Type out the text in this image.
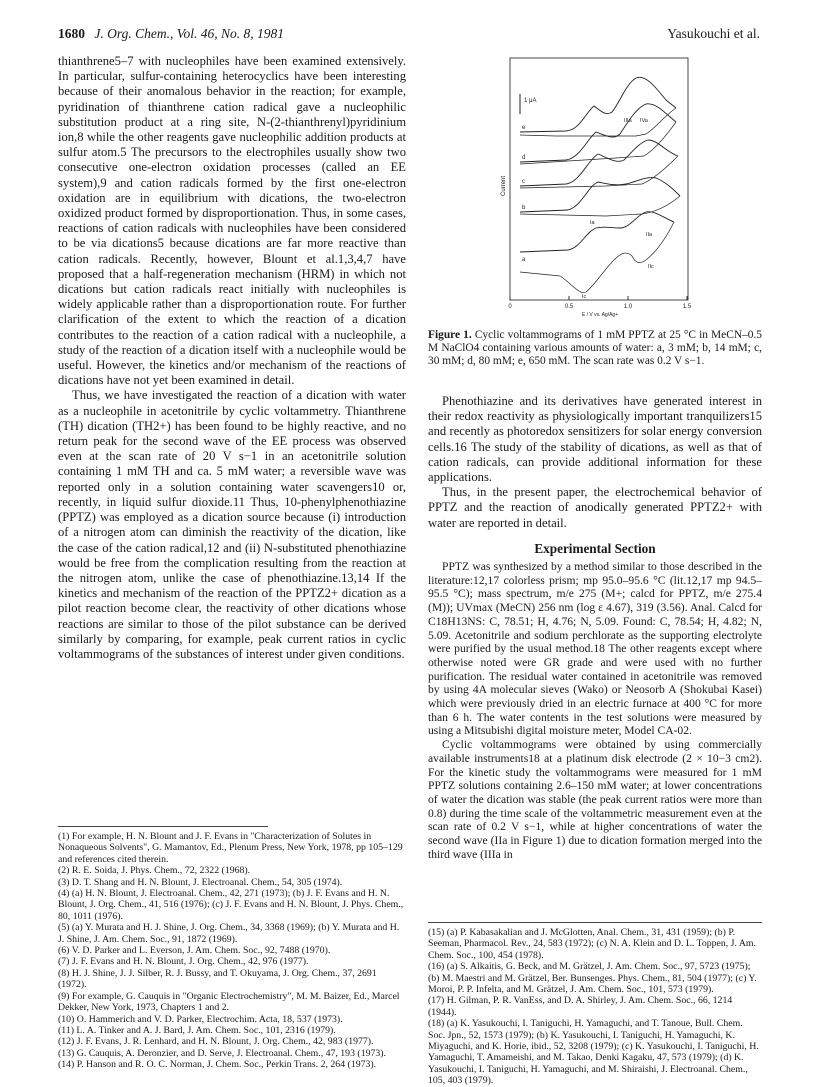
1680 J. Org. Chem., Vol. 46, No. 8, 1981	Yasukouchi et al.

thianthrene5–7 with nucleophiles have been examined extensively. In particular, sulfur-containing heterocyclics have been interesting because of their anomalous behavior in the reaction; for example, pyridination of thianthrene cation radical gave a nucleophilic substitution product at a ring site, N-(2-thianthrenyl)pyridinium ion,8 while the other reagents gave nucleophilic addition products at sulfur atom.5 The precursors to the electrophiles usually show two consecutive one-electron oxidation processes (called an EE system),9 and cation radicals formed by the first one-electron oxidation are in equilibrium with dications, the two-electron oxidized product formed by disproportionation. Thus, in some cases, reactions of cation radicals with nucleophiles have been considered to be via dications5 because dications are far more reactive than cation radicals. Recently, however, Blount et al.1,3,4,7 have proposed that a half-regeneration mechanism (HRM) in which not dications but cation radicals react initially with nucleophiles is widely applicable rather than a disproportionation route. For further clarification of the extent to which the reaction of a dication contributes to the reaction of a cation radical with a nucleophile, a study of the reaction of a dication itself with a nucleophile would be useful. However, the kinetics and/or mechanism of the reactions of dications have not yet been examined in detail.

Thus, we have investigated the reaction of a dication with water as a nucleophile in acetonitrile by cyclic voltammetry. Thianthrene (TH) dication (TH2+) has been found to be highly reactive, and no return peak for the second wave of the EE process was observed even at the scan rate of 20 V s−1 in an acetonitrile solution containing 1 mM TH and ca. 5 mM water; a reversible wave was reported only in a solution containing water scavengers10 or, recently, in liquid sulfur dioxide.11 Thus, 10-phenylphenothiazine (PPTZ) was employed as a dication source because (i) introduction of a nitrogen atom can diminish the reactivity of the dication, like the case of the cation radical,12 and (ii) N-substituted phenothiazine would be free from the complication resulting from the reaction at the nitrogen atom, unlike the case of phenothiazine.13,14 If the kinetics and mechanism of the reaction of the PPTZ2+ dication as a pilot reaction become clear, the reactivity of other dications whose reactions are similar to those of the pilot substance can be derived similarly by comparing, for example, peak current ratios in cyclic voltammograms of the substances of interest under given conditions.

(1) For example, H. N. Blount and J. F. Evans in "Characterization of Solutes in Nonaqueous Solvents", G. Mamantov, Ed., Plenum Press, New York, 1978, pp 105–129 and references cited therein.
(2) R. E. Soida, J. Phys. Chem., 72, 2322 (1968).
(3) D. T. Shang and H. N. Blount, J. Electroanal. Chem., 54, 305 (1974).
(4) (a) H. N. Blount, J. Electroanal. Chem., 42, 271 (1973); (b) J. F. Evans and H. N. Blount, J. Org. Chem., 41, 516 (1976); (c) J. F. Evans and H. N. Blount, J. Phys. Chem., 80, 1011 (1976).
(5) (a) Y. Murata and H. J. Shine, J. Org. Chem., 34, 3368 (1969); (b) Y. Murata and H. J. Shine, J. Am. Chem. Soc., 91, 1872 (1969).
(6) V. D. Parker and L. Everson, J. Am. Chem. Soc., 92, 7488 (1970).
(7) J. F. Evans and H. N. Blount, J. Org. Chem., 42, 976 (1977).
(8) H. J. Shine, J. J. Silber, R. J. Bussy, and T. Okuyama, J. Org. Chem., 37, 2691 (1972).
(9) For example, G. Cauquis in "Organic Electrochemistry", M. M. Baizer, Ed., Marcel Dekker, New York, 1973, Chapters 1 and 2.
(10) O. Hammerich and V. D. Parker, Electrochim. Acta, 18, 537 (1973).
(11) L. A. Tinker and A. J. Bard, J. Am. Chem. Soc., 101, 2316 (1979).
(12) J. F. Evans, J. R. Lenhard, and H. N. Blount, J. Org. Chem., 42, 983 (1977).
(13) G. Cauquis, A. Deronzier, and D. Serve, J. Electroanal. Chem., 47, 193 (1973).
(14) P. Hanson and R. O. C. Norman, J. Chem. Soc., Perkin Trans. 2, 264 (1973).
1 μA
Current
e
d
c
b
a
IIIa IVa
IIa
Ia
IIc
Ic
0	0.5	1.0	1.5
E / V vs. Ag/Ag+
Figure 1. Cyclic voltammograms of 1 mM PPTZ at 25 °C in MeCN–0.5 M NaClO4 containing various amounts of water: a, 3 mM; b, 14 mM; c, 30 mM; d, 80 mM; e, 650 mM. The scan rate was 0.2 V s−1.

Phenothiazine and its derivatives have generated interest in their redox reactivity as physiologically important tranquilizers15 and recently as photoredox sensitizers for solar energy conversion cells.16 The study of the stability of dications, as well as that of cation radicals, can provide additional information for these applications.

Thus, in the present paper, the electrochemical behavior of PPTZ and the reaction of anodically generated PPTZ2+ with water are reported in detail.

Experimental Section

PPTZ was synthesized by a method similar to those described in the literature:12,17 colorless prism; mp 95.0–95.6 °C (lit.12,17 mp 94.5–95.5 °C); mass spectrum, m/e 275 (M+; calcd for PPTZ, m/e 275.4 (M)); UVmax (MeCN) 256 nm (log ε 4.67), 319 (3.56). Anal. Calcd for C18H13NS: C, 78.51; H, 4.76; N, 5.09. Found: C, 78.54; H, 4.82; N, 5.09. Acetonitrile and sodium perchlorate as the supporting electrolyte were purified by the usual method.18 The other reagents except where otherwise noted were GR grade and were used with no further purification. The residual water contained in acetonitrile was removed by using 4A molecular sieves (Wako) or Neosorb A (Shokubai Kasei) which were previously dried in an electric furnace at 400 °C for more than 6 h. The water contents in the test solutions were measured by using a Mitsubishi digital moisture meter, Model CA-02.

Cyclic voltammograms were obtained by using commercially available instruments18 at a platinum disk electrode (2 × 10−3 cm2). For the kinetic study the voltammograms were measured for 1 mM PPTZ solutions containing 2.6–150 mM water; at lower concentrations of water the dication was stable (the peak current ratios were more than 0.8) during the time scale of the voltammetric measurement even at the scan rate of 0.2 V s−1, while at higher concentrations of water the second wave (IIa in Figure 1) due to dication formation merged into the third wave (IIIa in

(15) (a) P. Kabasakalian and J. McGlotten, Anal. Chem., 31, 431 (1959); (b) P. Seeman, Pharmacol. Rev., 24, 583 (1972); (c) N. A. Klein and D. L. Toppen, J. Am. Chem. Soc., 100, 454 (1978).
(16) (a) S. Alkaitis, G. Beck, and M. Grätzel, J. Am. Chem. Soc., 97, 5723 (1975); (b) M. Maestri and M. Grätzel, Ber. Bunsenges. Phys. Chem., 81, 504 (1977); (c) Y. Moroi, P. P. Infelta, and M. Grätzel, J. Am. Chem. Soc., 101, 573 (1979).
(17) H. Gilman, P. R. VanEss, and D. A. Shirley, J. Am. Chem. Soc., 66, 1214 (1944).
(18) (a) K. Yasukouchi, I. Taniguchi, H. Yamaguchi, and T. Tanoue, Bull. Chem. Soc. Jpn., 52, 1573 (1979); (b) K. Yasukouchi, I. Taniguchi, H. Yamaguchi, K. Miyaguchi, and K. Horie, ibid., 52, 3208 (1979); (c) K. Yasukouchi, I. Taniguchi, H. Yamaguchi, T. Amameishi, and M. Takao, Denki Kagaku, 47, 573 (1979); (d) K. Yasukouchi, I. Taniguchi, H. Yamaguchi, and M. Shiraishi, J. Electroanal. Chem., 105, 403 (1979).
